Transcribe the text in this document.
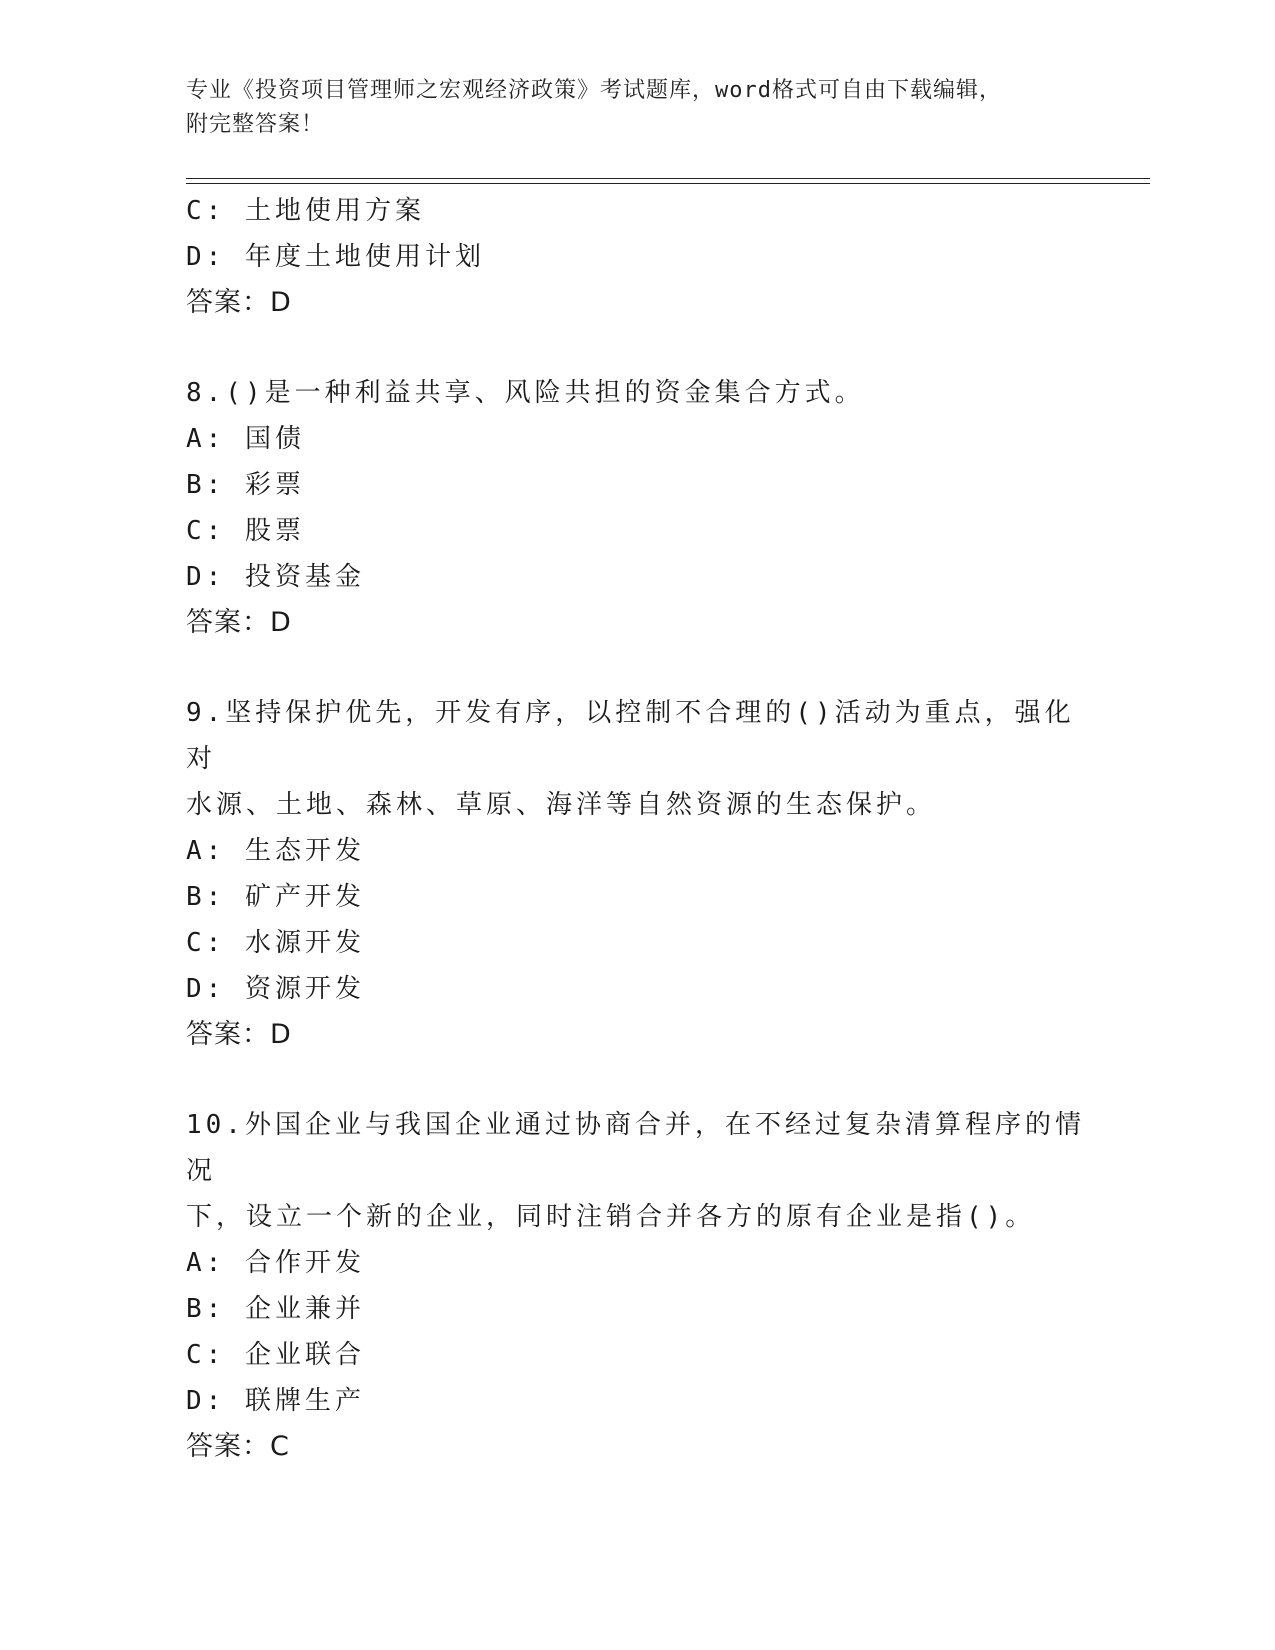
专业《投资项目管理师之宏观经济政策》考试题库，word格式可自由下载编辑，
附完整答案！
C: 土地使用方案
D: 年度土地使用计划
答案：D
8.()是一种利益共享、风险共担的资金集合方式。
A: 国债
B: 彩票
C: 股票
D: 投资基金
答案：D
9.坚持保护优先，开发有序，以控制不合理的()活动为重点，强化对
水源、土地、森林、草原、海洋等自然资源的生态保护。
A: 生态开发
B: 矿产开发
C: 水源开发
D: 资源开发
答案：D
10.外国企业与我国企业通过协商合并，在不经过复杂清算程序的情况
下，设立一个新的企业，同时注销合并各方的原有企业是指()。
A: 合作开发
B: 企业兼并
C: 企业联合
D: 联牌生产
答案：C
